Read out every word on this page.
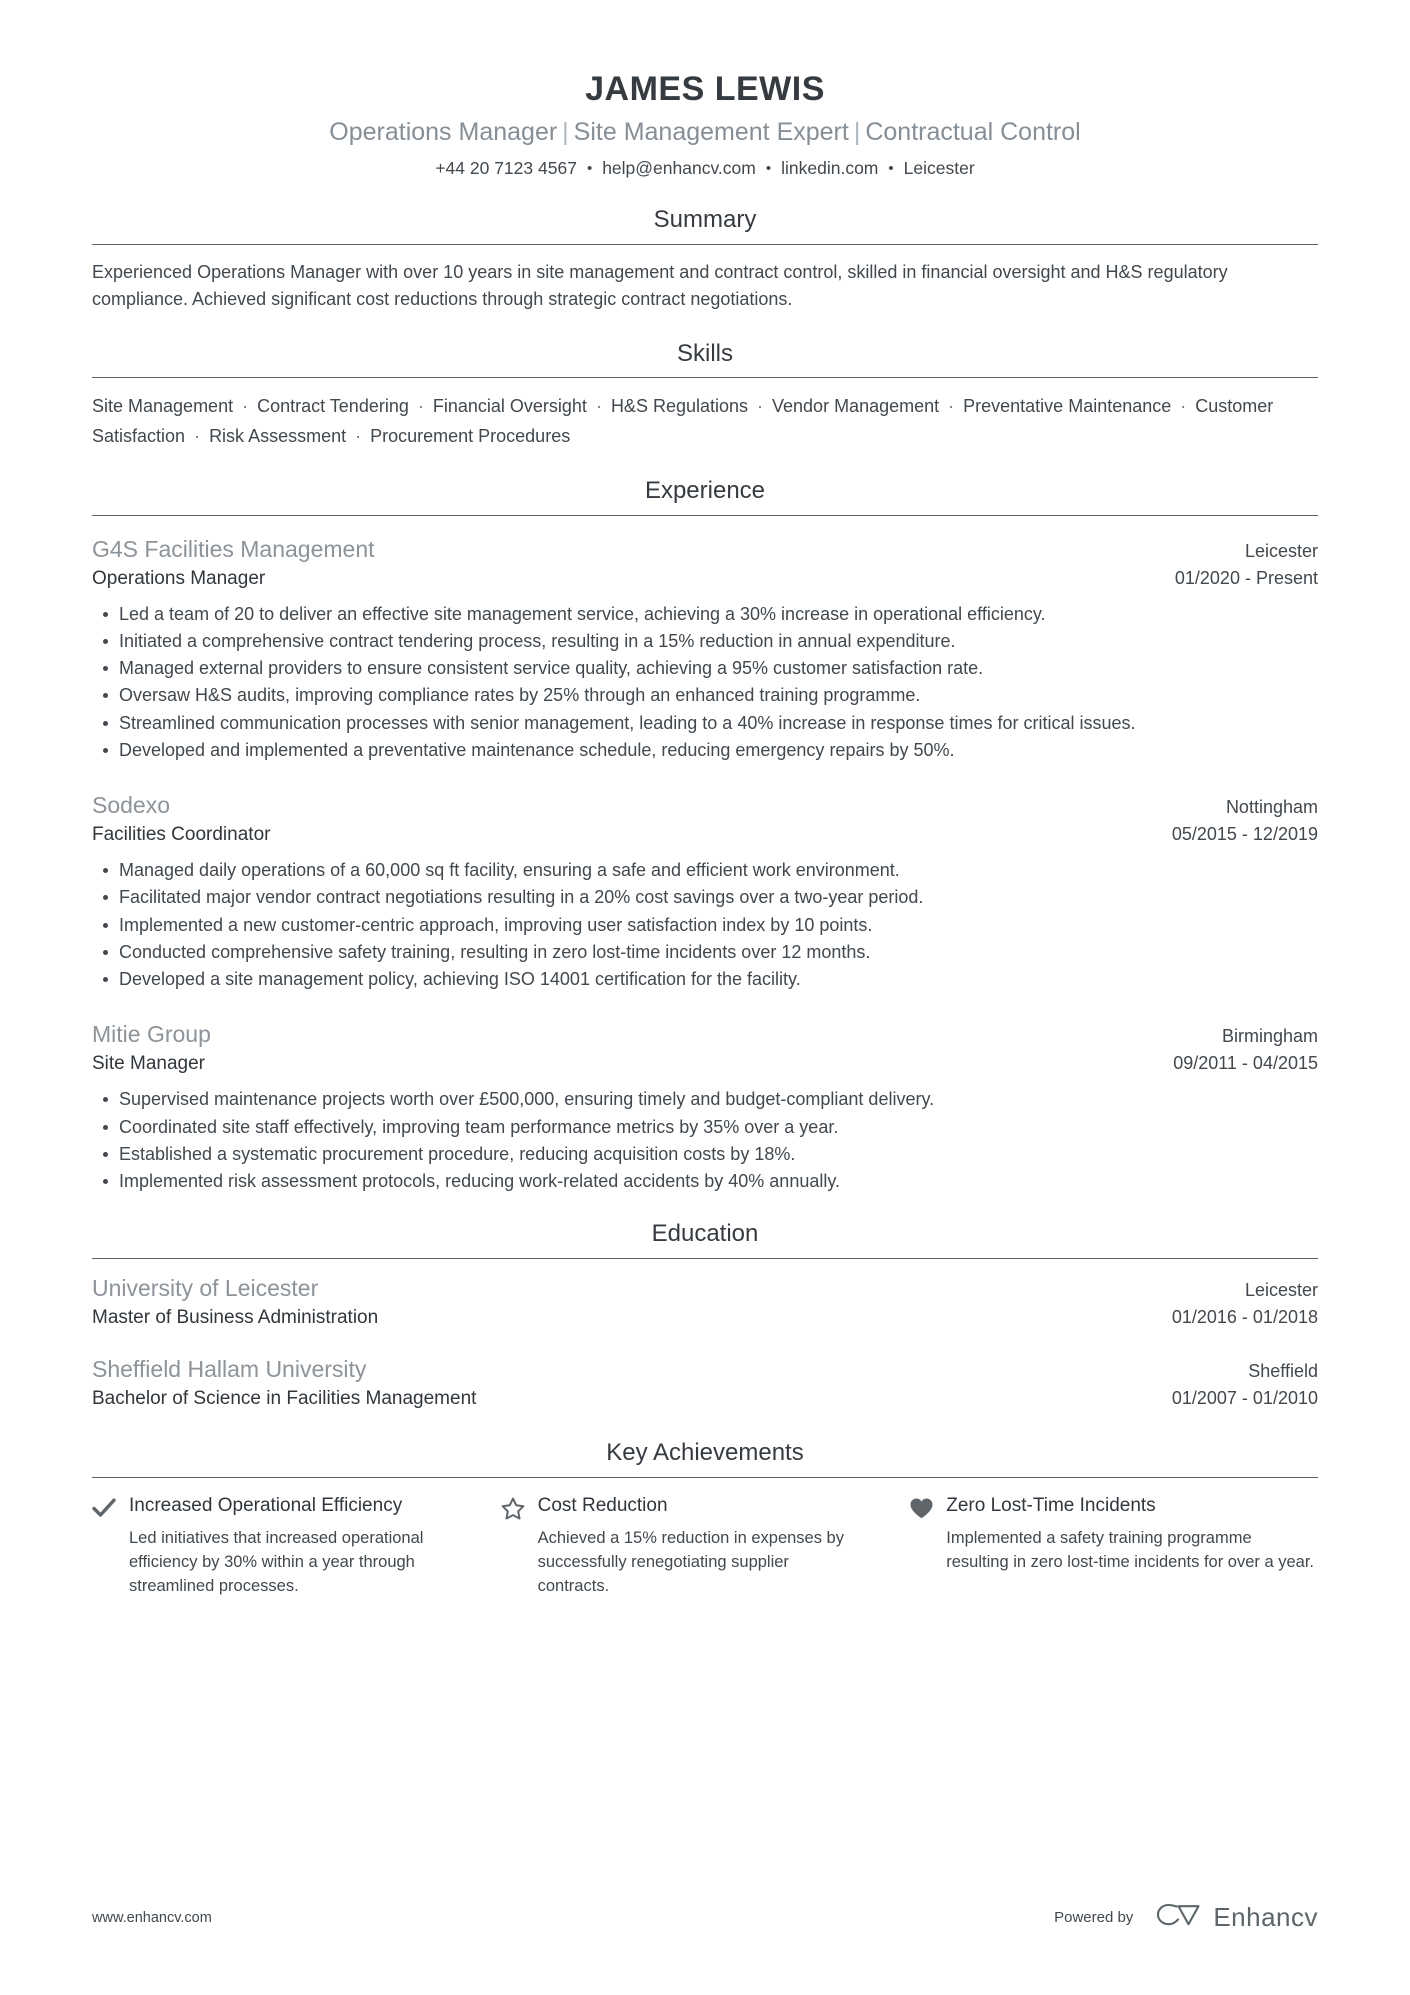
JAMES LEWIS
Operations Manager | Site Management Expert | Contractual Control
+44 20 7123 4567 • help@enhancv.com • linkedin.com • Leicester
Summary
Experienced Operations Manager with over 10 years in site management and contract control, skilled in financial oversight and H&S regulatory compliance. Achieved significant cost reductions through strategic contract negotiations.
Skills
Site Management · Contract Tendering · Financial Oversight · H&S Regulations · Vendor Management · Preventative Maintenance · Customer Satisfaction · Risk Assessment · Procurement Procedures
Experience
G4S Facilities Management	Leicester
Operations Manager	01/2020 - Present
Led a team of 20 to deliver an effective site management service, achieving a 30% increase in operational efficiency.
Initiated a comprehensive contract tendering process, resulting in a 15% reduction in annual expenditure.
Managed external providers to ensure consistent service quality, achieving a 95% customer satisfaction rate.
Oversaw H&S audits, improving compliance rates by 25% through an enhanced training programme.
Streamlined communication processes with senior management, leading to a 40% increase in response times for critical issues.
Developed and implemented a preventative maintenance schedule, reducing emergency repairs by 50%.
Sodexo	Nottingham
Facilities Coordinator	05/2015 - 12/2019
Managed daily operations of a 60,000 sq ft facility, ensuring a safe and efficient work environment.
Facilitated major vendor contract negotiations resulting in a 20% cost savings over a two-year period.
Implemented a new customer-centric approach, improving user satisfaction index by 10 points.
Conducted comprehensive safety training, resulting in zero lost-time incidents over 12 months.
Developed a site management policy, achieving ISO 14001 certification for the facility.
Mitie Group	Birmingham
Site Manager	09/2011 - 04/2015
Supervised maintenance projects worth over £500,000, ensuring timely and budget-compliant delivery.
Coordinated site staff effectively, improving team performance metrics by 35% over a year.
Established a systematic procurement procedure, reducing acquisition costs by 18%.
Implemented risk assessment protocols, reducing work-related accidents by 40% annually.
Education
University of Leicester	Leicester
Master of Business Administration	01/2016 - 01/2018
Sheffield Hallam University	Sheffield
Bachelor of Science in Facilities Management	01/2007 - 01/2010
Key Achievements
Increased Operational Efficiency
Led initiatives that increased operational efficiency by 30% within a year through streamlined processes.
Cost Reduction
Achieved a 15% reduction in expenses by successfully renegotiating supplier contracts.
Zero Lost-Time Incidents
Implemented a safety training programme resulting in zero lost-time incidents for over a year.
www.enhancv.com	Powered by	Enhancv
